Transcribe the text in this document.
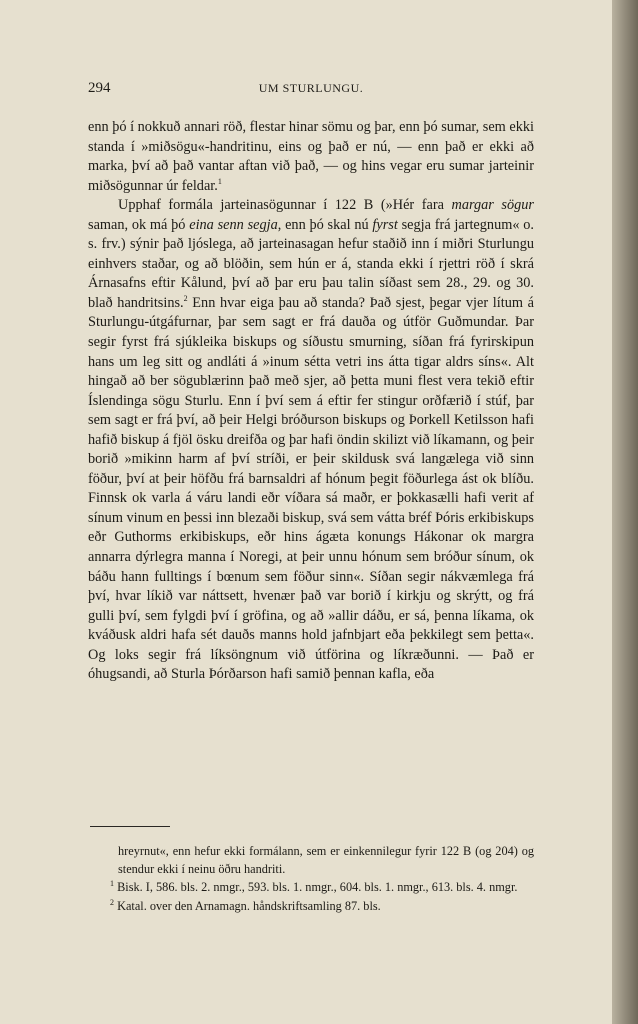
294	UM STURLUNGU.

enn þó í nokkuð annari röð, flestar hinar sömu og þar, enn þó sumar, sem ekki standa í »miðsögu«-handritinu, eins og það er nú, — enn það er ekki að marka, því að það vantar aftan við það, — og hins vegar eru sumar jarteinir miðsögunnar úr feldar.$^1$

Upphaf formála jarteinasögunnar í 122 B (»Hér fara margar sögur saman, ok má þó eina senn segja, enn þó skal nú fyrst segja frá jartegnum« o. s. frv.) sýnir það ljóslega, að jarteinasagan hefur staðið inn í miðri Sturlungu einhvers staðar, og að blöðin, sem hún er á, standa ekki í rjettri röð í skrá Árnasafns eftir Kålund, því að þar eru þau talin síðast sem 28., 29. og 30. blað handritsins.$^2$ Enn hvar eiga þau að standa? Það sjest, þegar vjer lítum á Sturlungu-útgáfurnar, þar sem sagt er frá dauða og útför Guðmundar. Þar segir fyrst frá sjúkleika biskups og síðustu smurning, síðan frá fyrirskipun hans um leg sitt og andláti á »inum sétta vetri ins átta tigar aldrs síns«. Alt hingað að ber sögublærinn það með sjer, að þetta muni flest vera tekið eftir Íslendinga sögu Sturlu. Enn í því sem á eftir fer stingur orðfærið í stúf, þar sem sagt er frá því, að þeir Helgi bróðurson biskups og Þorkell Ketilsson hafi hafið biskup á fjöl ösku dreifða og þar hafi öndin skilizt við líkamann, og þeir borið »mikinn harm af því stríði, er þeir skildusk svá langælega við sinn föður, því at þeir höfðu frá barnsaldri af hónum þegit föðurlega ást ok blíðu. Finnsk ok varla á váru landi eðr víðara sá maðr, er þokkasælli hafi verit af sínum vinum en þessi inn blezaði biskup, svá sem vátta bréf Þóris erkibiskups eðr Guthorms erkibiskups, eðr hins ágæta konungs Hákonar ok margra annarra dýrlegra manna í Noregi, at þeir unnu hónum sem bróður sínum, ok báðu hann fulltings í bœnum sem föður sinn«. Síðan segir nákvæmlega frá því, hvar líkið var náttsett, hvenær það var borið í kirkju og skrýtt, og frá gulli því, sem fylgdi því í gröfina, og að »allir dáðu, er sá, þenna líkama, ok kváðusk aldri hafa sét dauðs manns hold jafnbjart eða þekkilegt sem þetta«. Og loks segir frá líksöngnum við útförina og líkræðunni. — Það er óhugsandi, að Sturla Þórðarson hafi samið þennan kafla, eða

hreyrnut«, enn hefur ekki formálann, sem er einkennilegur fyrir 122 B (og 204) og stendur ekki í neinu öðru handriti.

$^1$ Bisk. I, 586. bls. 2. nmgr., 593. bls. 1. nmgr., 604. bls. 1. nmgr., 613. bls. 4. nmgr.

$^2$ Katal. over den Arnamagn. håndskriftsamling 87. bls.
